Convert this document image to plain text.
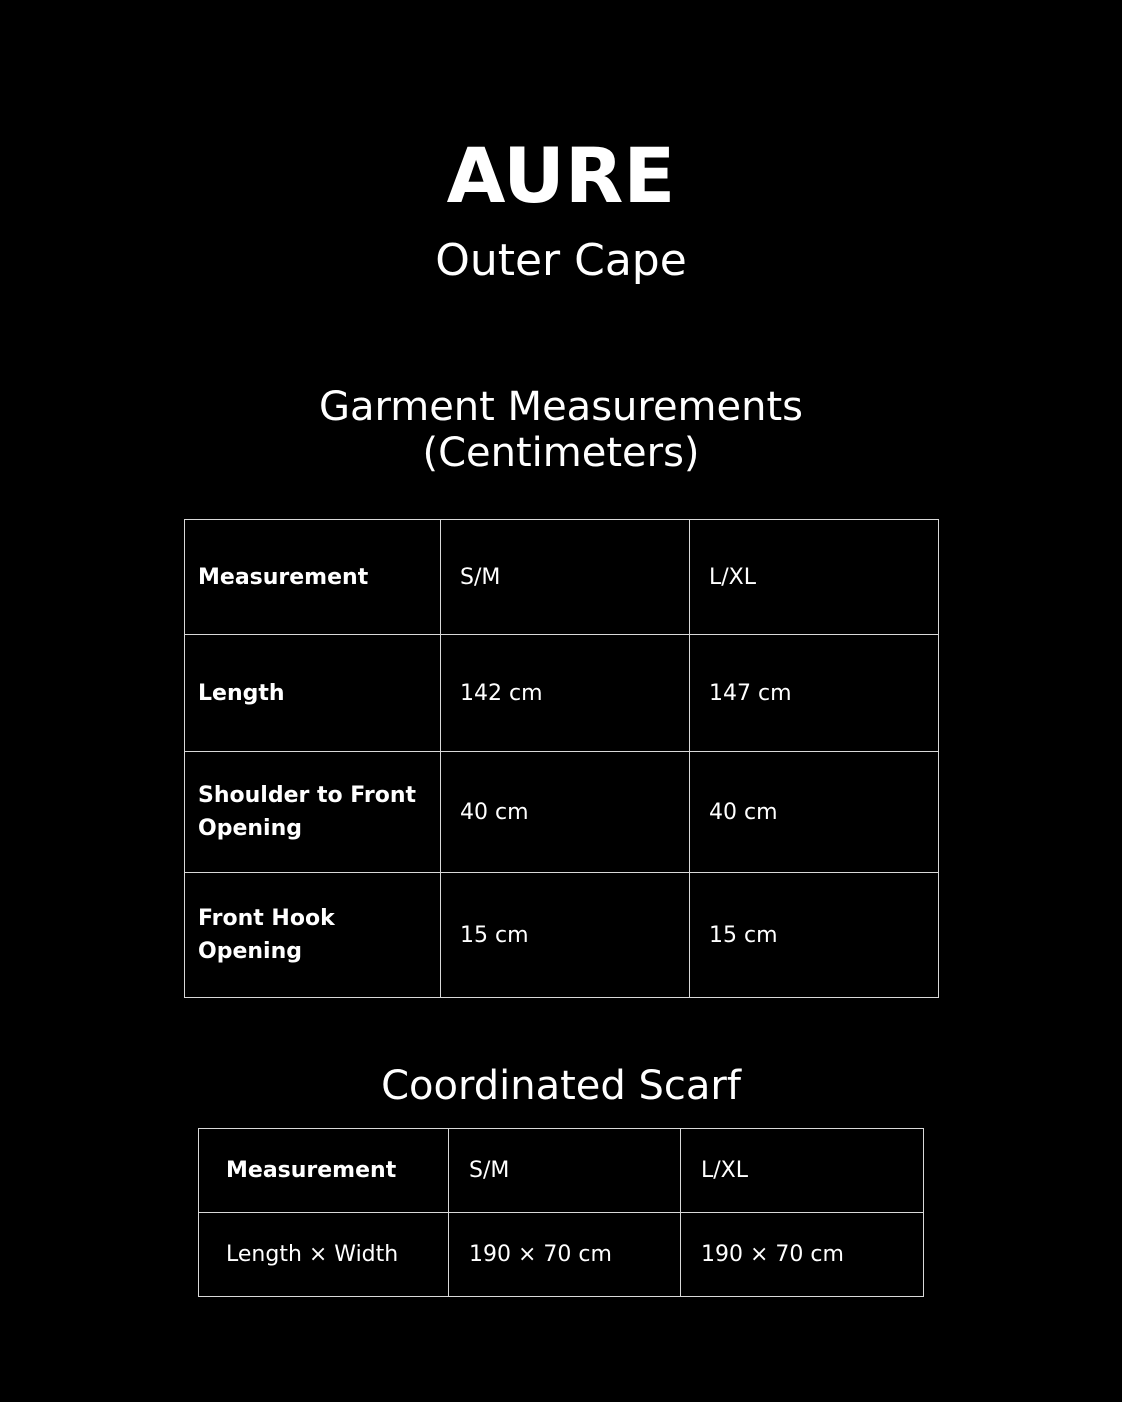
AURE
Outer Cape
Garment Measurements
(Centimeters)
Measurement	S/M	L/XL
Length	142 cm	147 cm
Shoulder to Front Opening	40 cm	40 cm
Front Hook Opening	15 cm	15 cm
Coordinated Scarf
Measurement	S/M	L/XL
Length × Width	190 × 70 cm	190 × 70 cm
